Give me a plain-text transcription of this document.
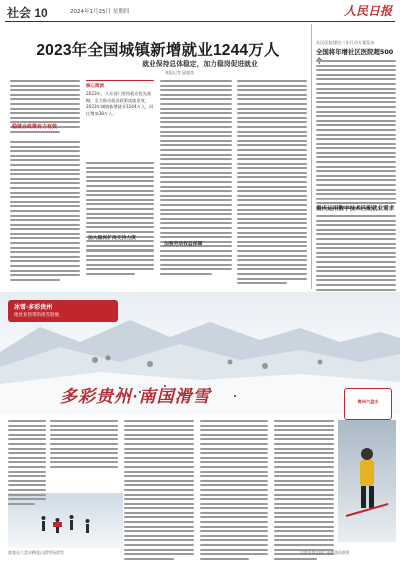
社会 10	2024年1月25日 星期四	人民日报
2023年全国城镇新增就业1244万人
就业保持总体稳定，加力稳岗促进就业
本报记者 邱超奕
稳就业政策有力有效
核心阅读
2023年，人社部门坚持就业优先战略，全力推动就业政策落地见效，2023年城镇新增就业1244万人，同比增加38万人。
加大稳岗扩岗支持力度
加强劳动权益保障
社区医院建设三年行动方案发布
全国将年增社区医院超500
重庆运用数字技术匹配就业需求
冰雪·多彩贵州
地处亚热带的滑雪胜地
多彩贵州·南国滑雪	贵州六盘水
游客在六盘水梅花山滑雪场滑雪	六盘水市文体广电旅游局供图
